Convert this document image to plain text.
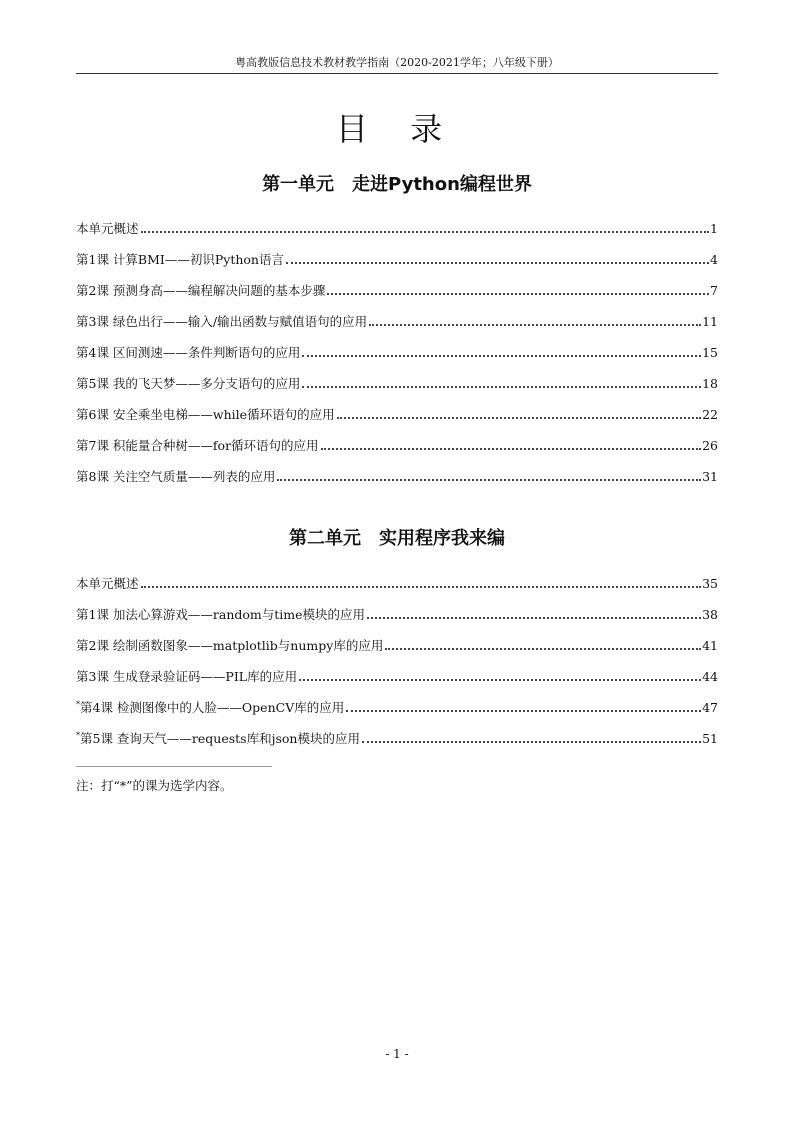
粤高教版信息技术教材教学指南（2020-2021学年；八年级下册）
目 录
第一单元　走进Python编程世界
本单元概述	1
第1课 计算BMI——初识Python语言	4
第2课 预测身高——编程解决问题的基本步骤	7
第3课 绿色出行——输入/输出函数与赋值语句的应用	11
第4课 区间测速——条件判断语句的应用	15
第5课 我的飞天梦——多分支语句的应用	18
第6课 安全乘坐电梯——while循环语句的应用	22
第7课 积能量合种树——for循环语句的应用	26
第8课 关注空气质量——列表的应用	31
第二单元　实用程序我来编
本单元概述	35
第1课 加法心算游戏——random与time模块的应用	38
第2课 绘制函数图象——matplotlib与numpy库的应用	41
第3课 生成登录验证码——PIL库的应用	44
*第4课 检测图像中的人脸——OpenCV库的应用	47
*第5课 查询天气——requests库和json模块的应用	51
注：打“*”的课为选学内容。
- 1 -
